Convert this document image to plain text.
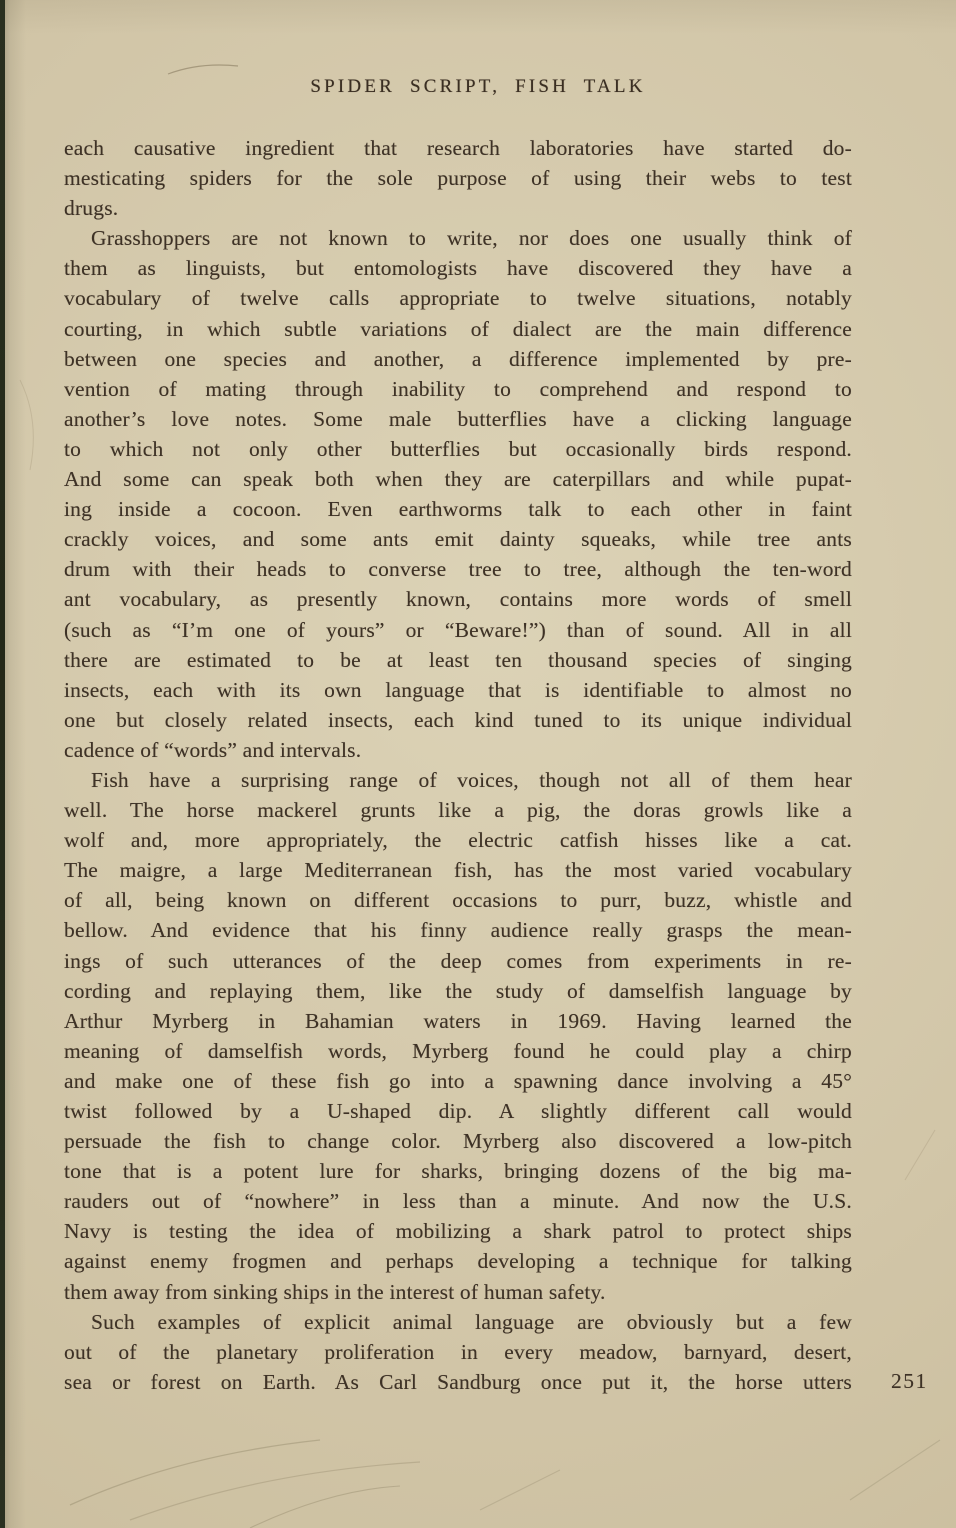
SPIDER SCRIPT, FISH TALK
each causative ingredient that research laboratories have started do-
mesticating spiders for the sole purpose of using their webs to test
drugs.
Grasshoppers are not known to write, nor does one usually think of
them as linguists, but entomologists have discovered they have a
vocabulary of twelve calls appropriate to twelve situations, notably
courting, in which subtle variations of dialect are the main difference
between one species and another, a difference implemented by pre-
vention of mating through inability to comprehend and respond to
another’s love notes. Some male butterflies have a clicking language
to which not only other butterflies but occasionally birds respond.
And some can speak both when they are caterpillars and while pupat-
ing inside a cocoon. Even earthworms talk to each other in faint
crackly voices, and some ants emit dainty squeaks, while tree ants
drum with their heads to converse tree to tree, although the ten-word
ant vocabulary, as presently known, contains more words of smell
(such as “I’m one of yours” or “Beware!”) than of sound. All in all
there are estimated to be at least ten thousand species of singing
insects, each with its own language that is identifiable to almost no
one but closely related insects, each kind tuned to its unique individual
cadence of “words” and intervals.
Fish have a surprising range of voices, though not all of them hear
well. The horse mackerel grunts like a pig, the doras growls like a
wolf and, more appropriately, the electric catfish hisses like a cat.
The maigre, a large Mediterranean fish, has the most varied vocabulary
of all, being known on different occasions to purr, buzz, whistle and
bellow. And evidence that his finny audience really grasps the mean-
ings of such utterances of the deep comes from experiments in re-
cording and replaying them, like the study of damselfish language by
Arthur Myrberg in Bahamian waters in 1969. Having learned the
meaning of damselfish words, Myrberg found he could play a chirp
and make one of these fish go into a spawning dance involving a 45°
twist followed by a U-shaped dip. A slightly different call would
persuade the fish to change color. Myrberg also discovered a low-pitch
tone that is a potent lure for sharks, bringing dozens of the big ma-
rauders out of “nowhere” in less than a minute. And now the U.S.
Navy is testing the idea of mobilizing a shark patrol to protect ships
against enemy frogmen and perhaps developing a technique for talking
them away from sinking ships in the interest of human safety.
Such examples of explicit animal language are obviously but a few
out of the planetary proliferation in every meadow, barnyard, desert,
sea or forest on Earth. As Carl Sandburg once put it, the horse utters 251
